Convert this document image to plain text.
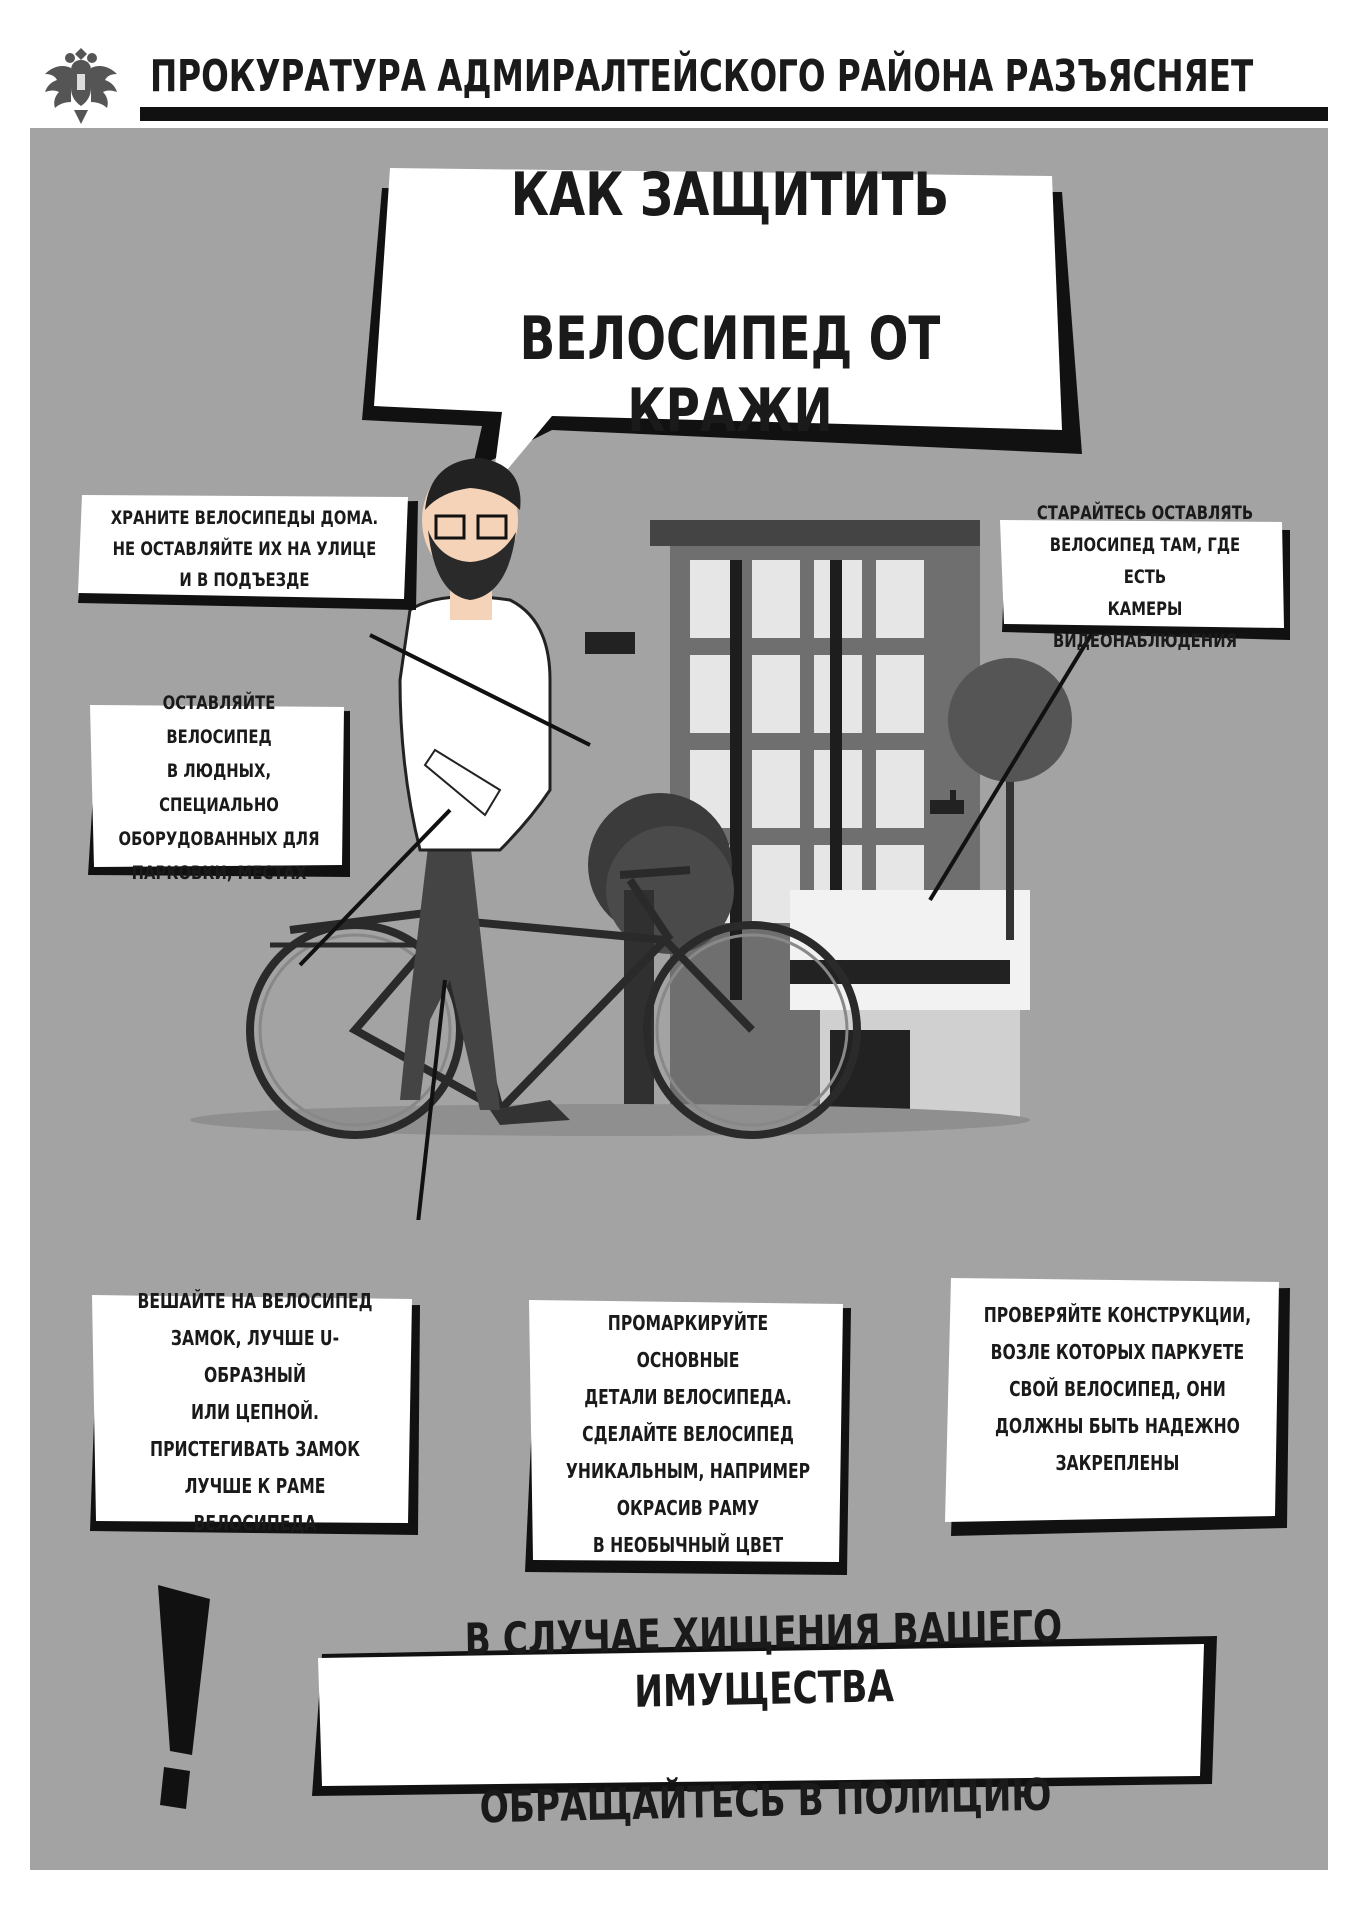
ПРОКУРАТУРА АДМИРАЛТЕЙСКОГО РАЙОНА РАЗЪЯСНЯЕТ

КАК ЗАЩИТИТЬ

ВЕЛОСИПЕД ОТ КРАЖИ

ХРАНИТЕ ВЕЛОСИПЕДЫ ДОМА.
НЕ ОСТАВЛЯЙТЕ ИХ НА УЛИЦЕ
И В ПОДЪЕЗДЕ
СТАРАЙТЕСЬ ОСТАВЛЯТЬ
ВЕЛОСИПЕД ТАМ, ГДЕ ЕСТЬ
КАМЕРЫ ВИДЕОНАБЛЮДЕНИЯ
ОСТАВЛЯЙТЕ ВЕЛОСИПЕД
В ЛЮДНЫХ, СПЕЦИАЛЬНО
ОБОРУДОВАННЫХ ДЛЯ
ПАРКОВКИ, МЕСТАХ
ВЕШАЙТЕ НА ВЕЛОСИПЕД
ЗАМОК, ЛУЧШЕ U-ОБРАЗНЫЙ
ИЛИ ЦЕПНОЙ.
ПРИСТЕГИВАТЬ ЗАМОК
ЛУЧШЕ К РАМЕ ВЕЛОСИПЕДА
ПРОМАРКИРУЙТЕ ОСНОВНЫЕ
ДЕТАЛИ ВЕЛОСИПЕДА.
СДЕЛАЙТЕ ВЕЛОСИПЕД
УНИКАЛЬНЫМ, НАПРИМЕР
ОКРАСИВ РАМУ
В НЕОБЫЧНЫЙ ЦВЕТ
ПРОВЕРЯЙТЕ КОНСТРУКЦИИ,
ВОЗЛЕ КОТОРЫХ ПАРКУЕТЕ
СВОЙ ВЕЛОСИПЕД, ОНИ
ДОЛЖНЫ БЫТЬ НАДЕЖНО
ЗАКРЕПЛЕНЫ

В СЛУЧАЕ ХИЩЕНИЯ ВАШЕГО ИМУЩЕСТВА

ОБРАЩАЙТЕСЬ В ПОЛИЦИЮ
